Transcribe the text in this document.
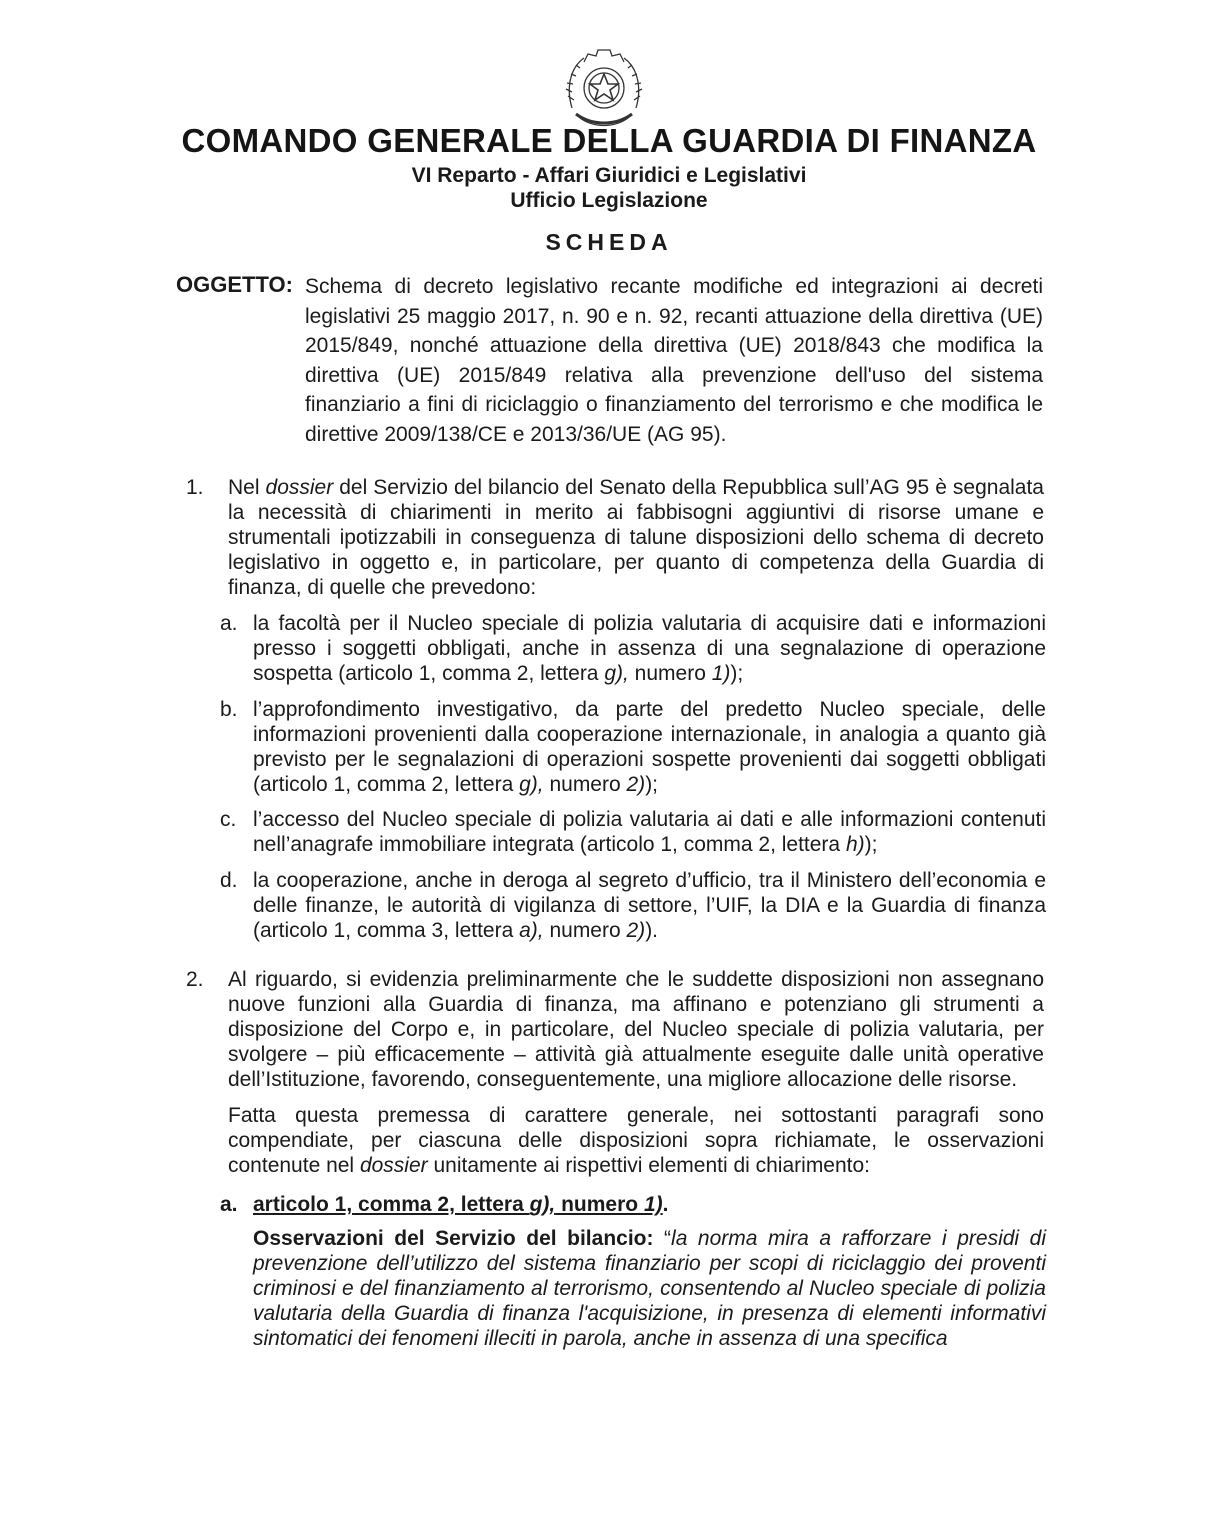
COMANDO GENERALE DELLA GUARDIA DI FINANZA
VI Reparto - Affari Giuridici e Legislativi
Ufficio Legislazione
SCHEDA
OGGETTO: Schema di decreto legislativo recante modifiche ed integrazioni ai decreti legislativi 25 maggio 2017, n. 90 e n. 92, recanti attuazione della direttiva (UE) 2015/849, nonché attuazione della direttiva (UE) 2018/843 che modifica la direttiva (UE) 2015/849 relativa alla prevenzione dell'uso del sistema finanziario a fini di riciclaggio o finanziamento del terrorismo e che modifica le direttive 2009/138/CE e 2013/36/UE (AG 95).
1. Nel dossier del Servizio del bilancio del Senato della Repubblica sull’AG 95 è segnalata la necessità di chiarimenti in merito ai fabbisogni aggiuntivi di risorse umane e strumentali ipotizzabili in conseguenza di talune disposizioni dello schema di decreto legislativo in oggetto e, in particolare, per quanto di competenza della Guardia di finanza, di quelle che prevedono:
a. la facoltà per il Nucleo speciale di polizia valutaria di acquisire dati e informazioni presso i soggetti obbligati, anche in assenza di una segnalazione di operazione sospetta (articolo 1, comma 2, lettera g), numero 1));
b. l’approfondimento investigativo, da parte del predetto Nucleo speciale, delle informazioni provenienti dalla cooperazione internazionale, in analogia a quanto già previsto per le segnalazioni di operazioni sospette provenienti dai soggetti obbligati (articolo 1, comma 2, lettera g), numero 2));
c. l’accesso del Nucleo speciale di polizia valutaria ai dati e alle informazioni contenuti nell’anagrafe immobiliare integrata (articolo 1, comma 2, lettera h));
d. la cooperazione, anche in deroga al segreto d’ufficio, tra il Ministero dell’economia e delle finanze, le autorità di vigilanza di settore, l’UIF, la DIA e la Guardia di finanza (articolo 1, comma 3, lettera a), numero 2)).
2. Al riguardo, si evidenzia preliminarmente che le suddette disposizioni non assegnano nuove funzioni alla Guardia di finanza, ma affinano e potenziano gli strumenti a disposizione del Corpo e, in particolare, del Nucleo speciale di polizia valutaria, per svolgere – più efficacemente – attività già attualmente eseguite dalle unità operative dell’Istituzione, favorendo, conseguentemente, una migliore allocazione delle risorse.
Fatta questa premessa di carattere generale, nei sottostanti paragrafi sono compendiate, per ciascuna delle disposizioni sopra richiamate, le osservazioni contenute nel dossier unitamente ai rispettivi elementi di chiarimento:
a. articolo 1, comma 2, lettera g), numero 1).
Osservazioni del Servizio del bilancio: “la norma mira a rafforzare i presidi di prevenzione dell’utilizzo del sistema finanziario per scopi di riciclaggio dei proventi criminosi e del finanziamento al terrorismo, consentendo al Nucleo speciale di polizia valutaria della Guardia di finanza l'acquisizione, in presenza di elementi informativi sintomatici dei fenomeni illeciti in parola, anche in assenza di una specifica
